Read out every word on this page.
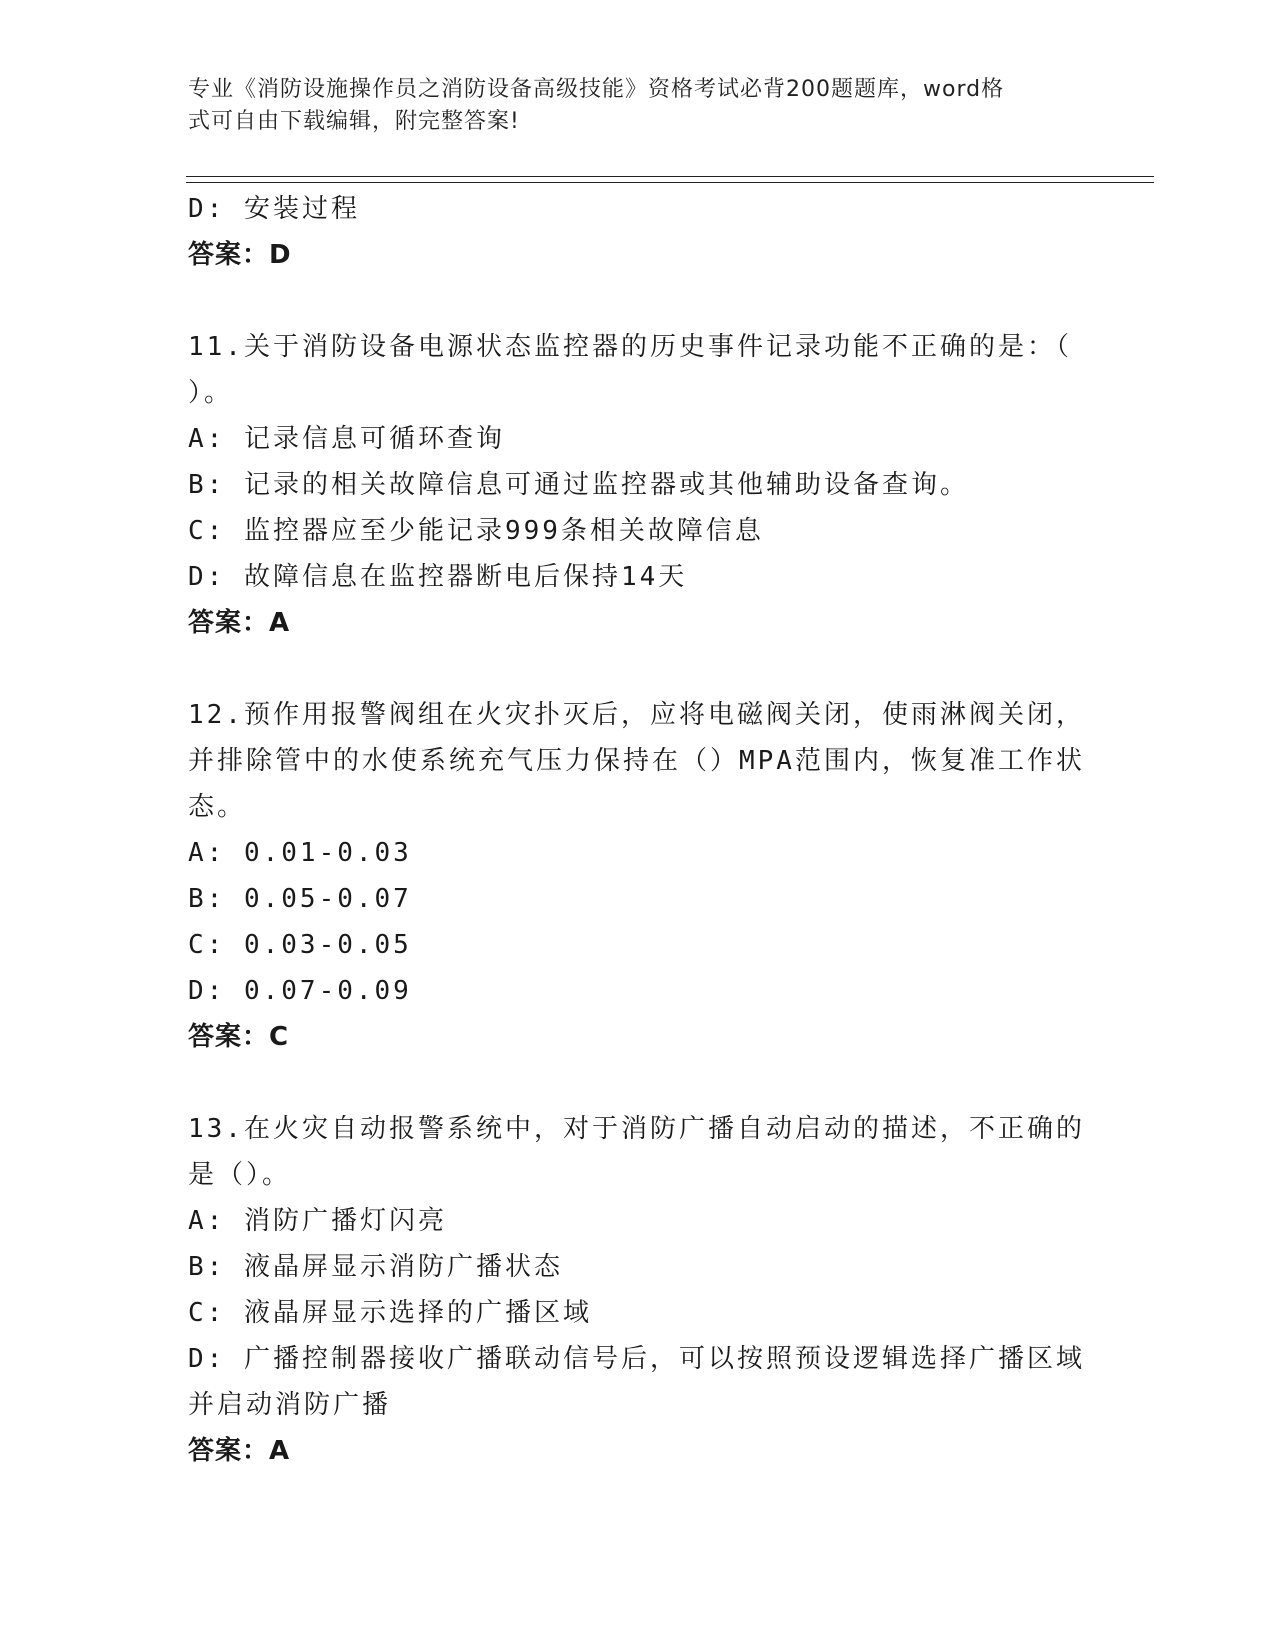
专业《消防设施操作员之消防设备高级技能》资格考试必背200题题库，word格
式可自由下载编辑，附完整答案!
D: 安装过程
答案：D
11.关于消防设备电源状态监控器的历史事件记录功能不正确的是：（
）。
A: 记录信息可循环查询
B: 记录的相关故障信息可通过监控器或其他辅助设备查询。
C: 监控器应至少能记录999条相关故障信息
D: 故障信息在监控器断电后保持14天
答案：A
12.预作用报警阀组在火灾扑灭后，应将电磁阀关闭，使雨淋阀关闭，
并排除管中的水使系统充气压力保持在（）MPA范围内，恢复准工作状
态。
A: 0.01-0.03
B: 0.05-0.07
C: 0.03-0.05
D: 0.07-0.09
答案：C
13.在火灾自动报警系统中，对于消防广播自动启动的描述，不正确的
是（）。
A: 消防广播灯闪亮
B: 液晶屏显示消防广播状态
C: 液晶屏显示选择的广播区域
D: 广播控制器接收广播联动信号后，可以按照预设逻辑选择广播区域
并启动消防广播
答案：A
